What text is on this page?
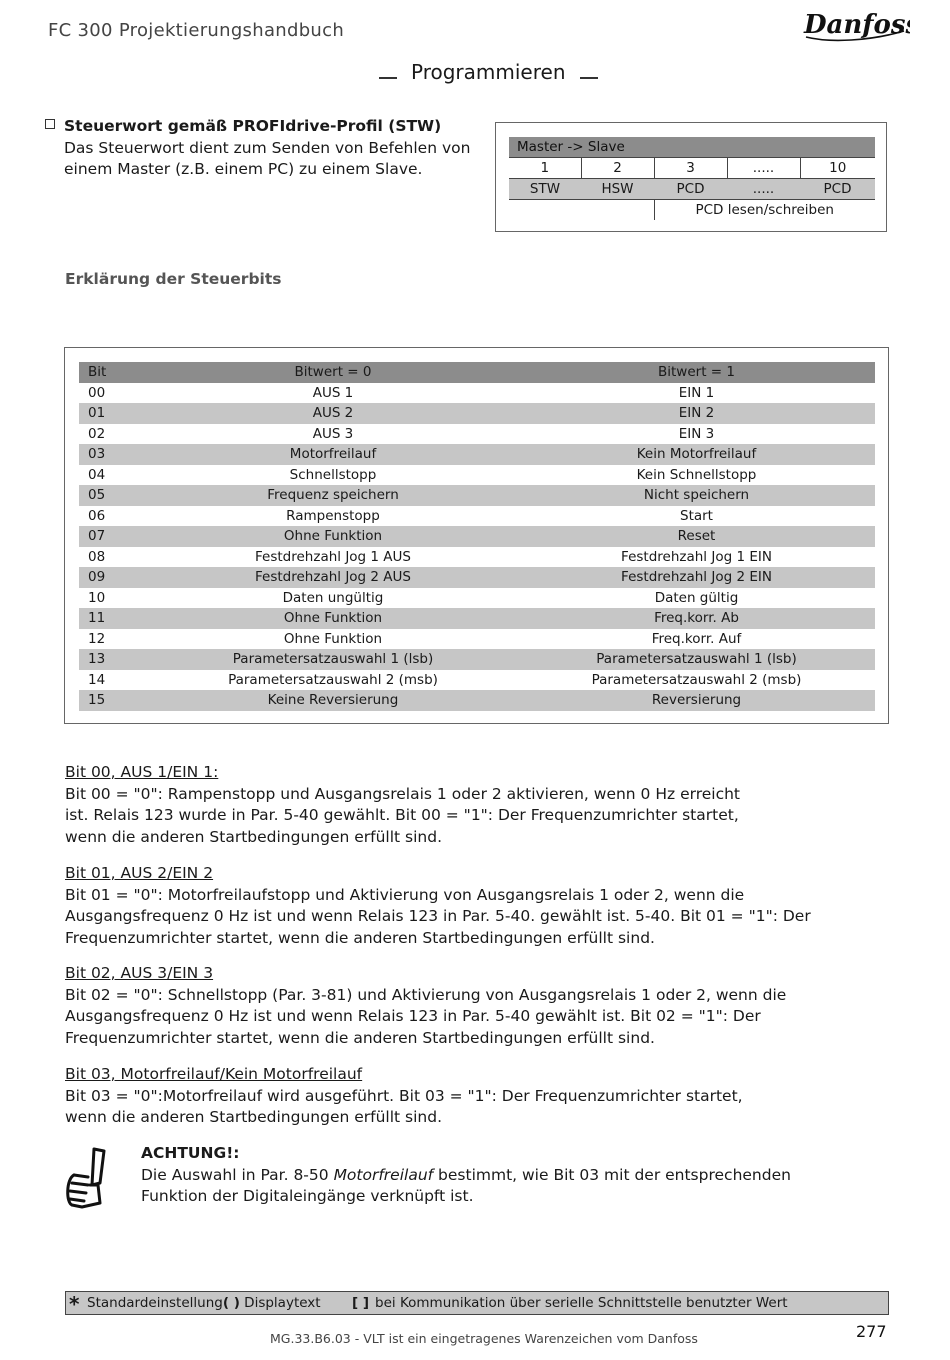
FC 300 Projektierungshandbuch	Danfoss
Programmieren
Steuerwort gemäß PROFIdrive-Profil (STW)
Das Steuerwort dient zum Senden von Befehlen von einem Master (z.B. einem PC) zu einem Slave.
Master -> Slave				
1	2	3	.....	10
STW	HSW	PCD	.....	PCD
		PCD lesen/schreiben		
Erklärung der Steuerbits
Bit	Bitwert = 0	Bitwert = 1
00	AUS 1	EIN 1
01	AUS 2	EIN 2
02	AUS 3	EIN 3
03	Motorfreilauf	Kein Motorfreilauf
04	Schnellstopp	Kein Schnellstopp
05	Frequenz speichern	Nicht speichern
06	Rampenstopp	Start
07	Ohne Funktion	Reset
08	Festdrehzahl Jog 1 AUS	Festdrehzahl Jog 1 EIN
09	Festdrehzahl Jog 2 AUS	Festdrehzahl Jog 2 EIN
10	Daten ungültig	Daten gültig
11	Ohne Funktion	Freq.korr. Ab
12	Ohne Funktion	Freq.korr. Auf
13	Parametersatzauswahl 1 (lsb)	Parametersatzauswahl 1 (lsb)
14	Parametersatzauswahl 2 (msb)	Parametersatzauswahl 2 (msb)
15	Keine Reversierung	Reversierung
Bit 00, AUS 1/EIN 1:
Bit 00 = "0": Rampenstopp und Ausgangsrelais 1 oder 2 aktivieren, wenn 0 Hz erreicht
ist. Relais 123 wurde in Par. 5-40 gewählt. Bit 00 = "1": Der Frequenzumrichter startet,
wenn die anderen Startbedingungen erfüllt sind.
Bit 01, AUS 2/EIN 2
Bit 01 = "0": Motorfreilaufstopp und Aktivierung von Ausgangsrelais 1 oder 2, wenn die
Ausgangsfrequenz 0 Hz ist und wenn Relais 123 in Par. 5-40. gewählt ist. 5-40. Bit 01 = "1": Der
Frequenzumrichter startet, wenn die anderen Startbedingungen erfüllt sind.
Bit 02, AUS 3/EIN 3
Bit 02 = "0": Schnellstopp (Par. 3-81) und Aktivierung von Ausgangsrelais 1 oder 2, wenn die
Ausgangsfrequenz 0 Hz ist und wenn Relais 123 in Par. 5-40 gewählt ist. Bit 02 = "1": Der
Frequenzumrichter startet, wenn die anderen Startbedingungen erfüllt sind.
Bit 03, Motorfreilauf/Kein Motorfreilauf
Bit 03 = "0":Motorfreilauf wird ausgeführt. Bit 03 = "1": Der Frequenzumrichter startet,
wenn die anderen Startbedingungen erfüllt sind.
ACHTUNG!:
Die Auswahl in Par. 8-50 Motorfreilauf bestimmt, wie Bit 03 mit der entsprechenden
Funktion der Digitaleingänge verknüpft ist.
* Standardeinstellung( ) Displaytext [ ] bei Kommunikation über serielle Schnittstelle benutzter Wert
MG.33.B6.03 - VLT ist ein eingetragenes Warenzeichen vom Danfoss	277
